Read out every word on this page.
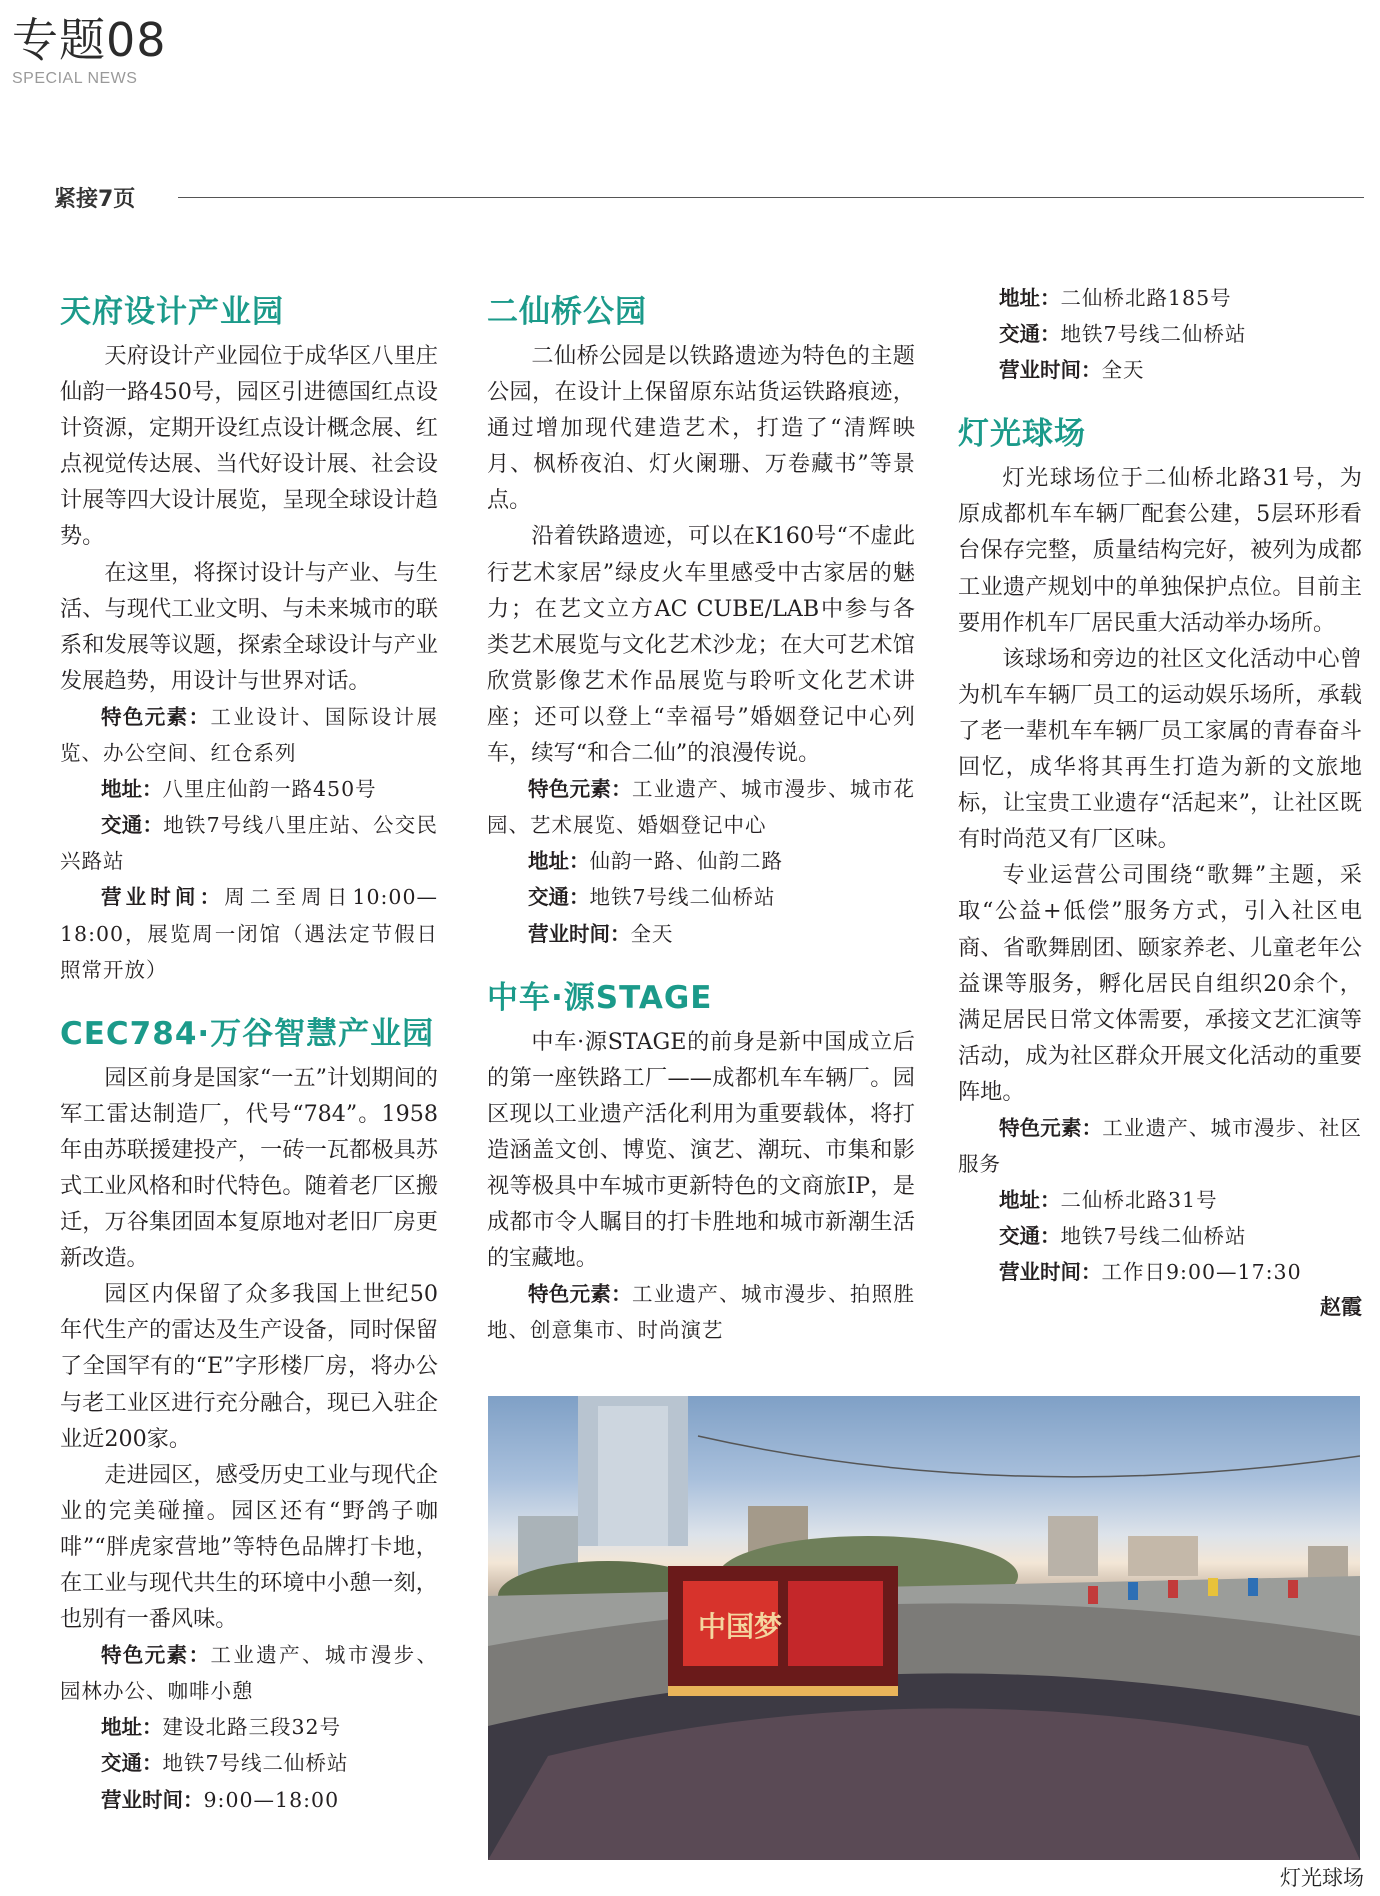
专题08
SPECIAL NEWS
紧接7页
天府设计产业园

天府设计产业园位于成华区八里庄仙韵一路450号，园区引进德国红点设计资源，定期开设红点设计概念展、红点视觉传达展、当代好设计展、社会设计展等四大设计展览，呈现全球设计趋势。

在这里，将探讨设计与产业、与生活、与现代工业文明、与未来城市的联系和发展等议题，探索全球设计与产业发展趋势，用设计与世界对话。

特色元素：工业设计、国际设计展览、办公空间、红仓系列
地址：八里庄仙韵一路450号
交通：地铁7号线八里庄站、公交民兴路站
营业时间：周二至周日10:00—18:00，展览周一闭馆（遇法定节假日照常开放）
CEC784·万谷智慧产业园

园区前身是国家“一五”计划期间的军工雷达制造厂，代号“784”。1958年由苏联援建投产，一砖一瓦都极具苏式工业风格和时代特色。随着老厂区搬迁，万谷集团固本复原地对老旧厂房更新改造。

园区内保留了众多我国上世纪50年代生产的雷达及生产设备，同时保留了全国罕有的“E”字形楼厂房，将办公与老工业区进行充分融合，现已入驻企业近200家。

走进园区，感受历史工业与现代企业的完美碰撞。园区还有“野鸽子咖啡”“胖虎家营地”等特色品牌打卡地，在工业与现代共生的环境中小憩一刻，也别有一番风味。

特色元素：工业遗产、城市漫步、园林办公、咖啡小憩
地址：建设北路三段32号
交通：地铁7号线二仙桥站
营业时间：9:00—18:00
二仙桥公园

二仙桥公园是以铁路遗迹为特色的主题公园，在设计上保留原东站货运铁路痕迹，通过增加现代建造艺术，打造了“清辉映月、枫桥夜泊、灯火阑珊、万卷藏书”等景点。

沿着铁路遗迹，可以在K160号“不虚此行艺术家居”绿皮火车里感受中古家居的魅力；在艺文立方AC CUBE/LAB中参与各类艺术展览与文化艺术沙龙；在大可艺术馆欣赏影像艺术作品展览与聆听文化艺术讲座；还可以登上“幸福号”婚姻登记中心列车，续写“和合二仙”的浪漫传说。

特色元素：工业遗产、城市漫步、城市花园、艺术展览、婚姻登记中心
地址：仙韵一路、仙韵二路
交通：地铁7号线二仙桥站
营业时间：全天
中车·源STAGE

中车·源STAGE的前身是新中国成立后的第一座铁路工厂——成都机车车辆厂。园区现以工业遗产活化利用为重要载体，将打造涵盖文创、博览、演艺、潮玩、市集和影视等极具中车城市更新特色的文商旅IP，是成都市令人瞩目的打卡胜地和城市新潮生活的宝藏地。

特色元素：工业遗产、城市漫步、拍照胜地、创意集市、时尚演艺
地址：二仙桥北路185号
交通：地铁7号线二仙桥站
营业时间：全天
灯光球场

灯光球场位于二仙桥北路31号，为原成都机车车辆厂配套公建，5层环形看台保存完整，质量结构完好，被列为成都工业遗产规划中的单独保护点位。目前主要用作机车厂居民重大活动举办场所。

该球场和旁边的社区文化活动中心曾为机车车辆厂员工的运动娱乐场所，承载了老一辈机车车辆厂员工家属的青春奋斗回忆，成华将其再生打造为新的文旅地标，让宝贵工业遗存“活起来”，让社区既有时尚范又有厂区味。

专业运营公司围绕“歌舞”主题，采取“公益+低偿”服务方式，引入社区电商、省歌舞剧团、颐家养老、儿童老年公益课等服务，孵化居民自组织20余个，满足居民日常文体需要，承接文艺汇演等活动，成为社区群众开展文化活动的重要阵地。

特色元素：工业遗产、城市漫步、社区服务
地址：二仙桥北路31号
交通：地铁7号线二仙桥站
营业时间：工作日9:00—17:30
赵霞
中国梦
灯光球场
